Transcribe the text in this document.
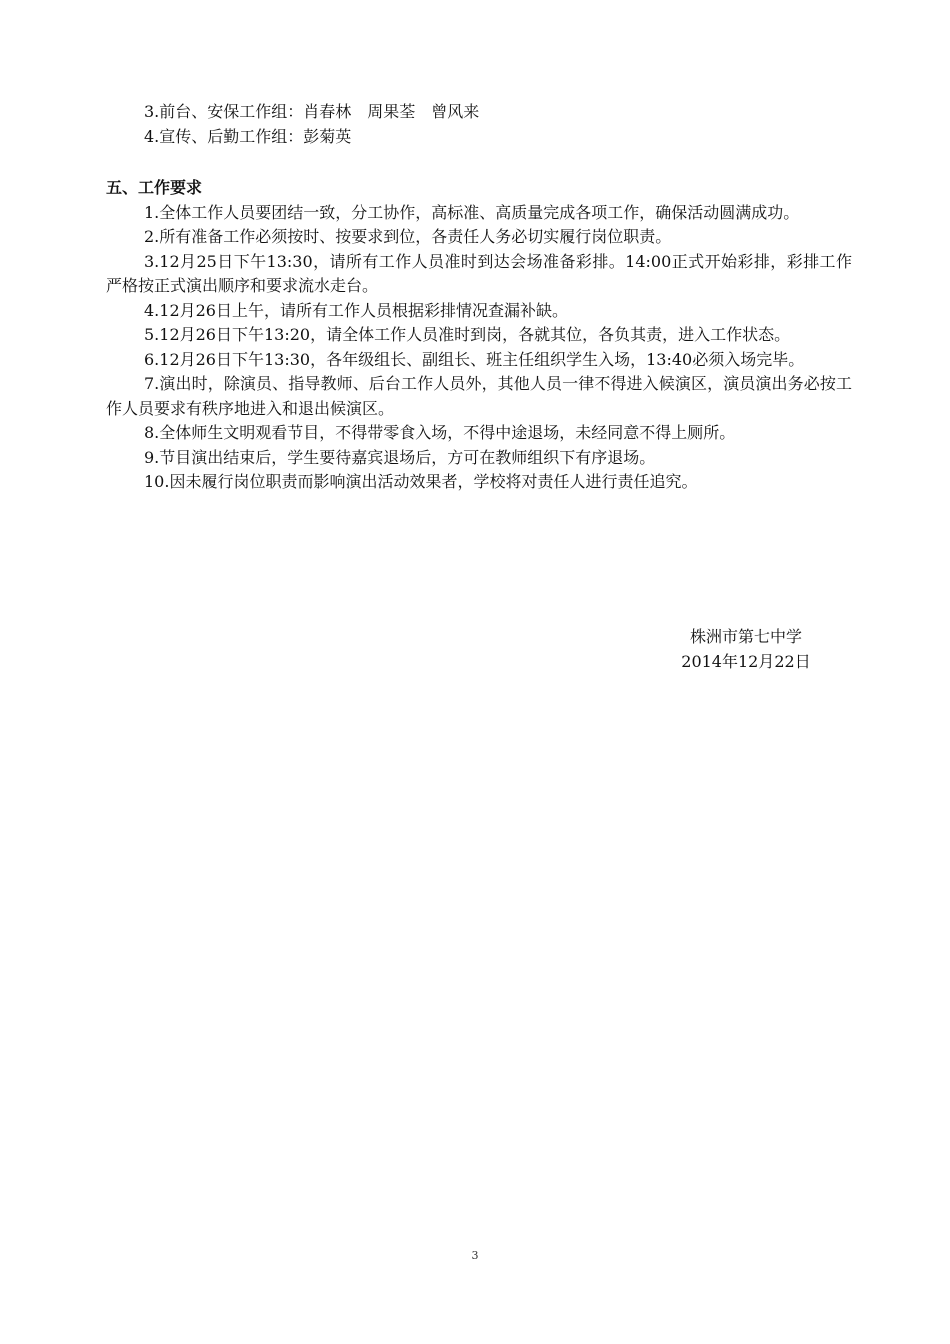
3.前台、安保工作组：肖春林　周果荃　曾风来
4.宣传、后勤工作组：彭菊英
五、工作要求
1.全体工作人员要团结一致，分工协作，高标准、高质量完成各项工作，确保活动圆满成功。
2.所有准备工作必须按时、按要求到位，各责任人务必切实履行岗位职责。
3.12月25日下午13:30，请所有工作人员准时到达会场准备彩排。14:00正式开始彩排，彩排工作严格按正式演出顺序和要求流水走台。
4.12月26日上午，请所有工作人员根据彩排情况查漏补缺。
5.12月26日下午13:20，请全体工作人员准时到岗，各就其位，各负其责，进入工作状态。
6.12月26日下午13:30，各年级组长、副组长、班主任组织学生入场，13:40必须入场完毕。
7.演出时，除演员、指导教师、后台工作人员外，其他人员一律不得进入候演区，演员演出务必按工作人员要求有秩序地进入和退出候演区。
8.全体师生文明观看节目，不得带零食入场，不得中途退场，未经同意不得上厕所。
9.节目演出结束后，学生要待嘉宾退场后，方可在教师组织下有序退场。
10.因未履行岗位职责而影响演出活动效果者，学校将对责任人进行责任追究。
株洲市第七中学
2014年12月22日
3
